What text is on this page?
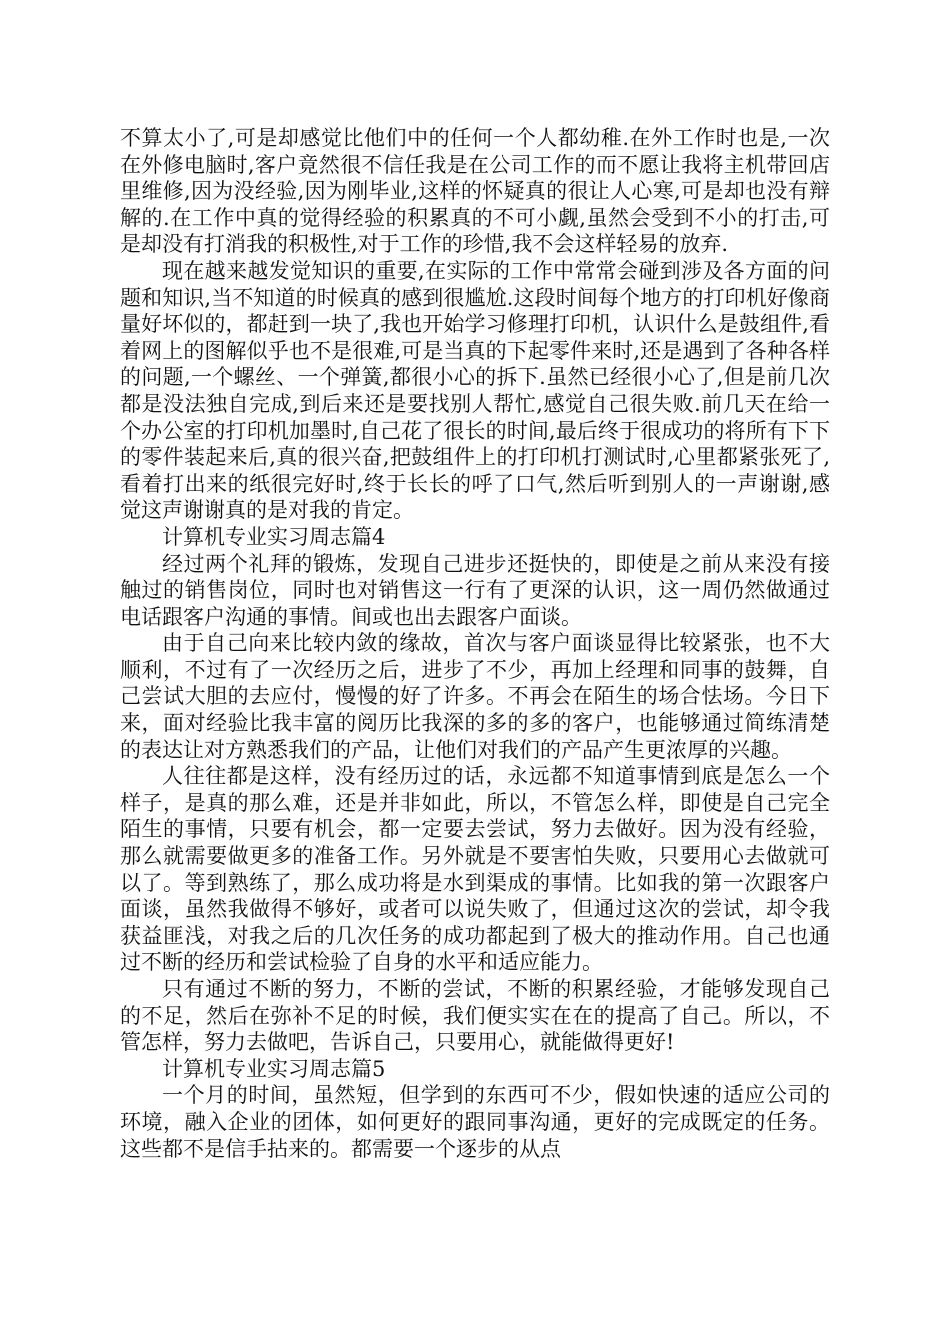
不算太小了,可是却感觉比他们中的任何一个人都幼稚.在外工作时也是,一次在外修电脑时,客户竟然很不信任我是在公司工作的而不愿让我将主机带回店里维修,因为没经验,因为刚毕业,这样的怀疑真的很让人心寒,可是却也没有辩解的.在工作中真的觉得经验的积累真的不可小觑,虽然会受到不小的打击,可是却没有打消我的积极性,对于工作的珍惜,我不会这样轻易的放弃.

现在越来越发觉知识的重要,在实际的工作中常常会碰到涉及各方面的问题和知识,当不知道的时候真的感到很尴尬.这段时间每个地方的打印机好像商量好坏似的，都赶到一块了,我也开始学习修理打印机，认识什么是鼓组件,看着网上的图解似乎也不是很难,可是当真的下起零件来时,还是遇到了各种各样的问题,一个螺丝、一个弹簧,都很小心的拆下.虽然已经很小心了,但是前几次都是没法独自完成,到后来还是要找别人帮忙,感觉自己很失败.前几天在给一个办公室的打印机加墨时,自己花了很长的时间,最后终于很成功的将所有下下的零件装起来后,真的很兴奋,把鼓组件上的打印机打测试时,心里都紧张死了,看着打出来的纸很完好时,终于长长的呼了口气,然后听到别人的一声谢谢,感觉这声谢谢真的是对我的肯定。

计算机专业实习周志篇4

经过两个礼拜的锻炼，发现自己进步还挺快的，即使是之前从来没有接触过的销售岗位，同时也对销售这一行有了更深的认识，这一周仍然做通过电话跟客户沟通的事情。间或也出去跟客户面谈。

由于自己向来比较内敛的缘故，首次与客户面谈显得比较紧张，也不大顺利，不过有了一次经历之后，进步了不少，再加上经理和同事的鼓舞，自己尝试大胆的去应付，慢慢的好了许多。不再会在陌生的场合怯场。今日下来，面对经验比我丰富的阅历比我深的多的多的客户，也能够通过简练清楚的表达让对方熟悉我们的产品，让他们对我们的产品产生更浓厚的兴趣。

人往往都是这样，没有经历过的话，永远都不知道事情到底是怎么一个样子，是真的那么难，还是并非如此，所以，不管怎么样，即使是自己完全陌生的事情，只要有机会，都一定要去尝试，努力去做好。因为没有经验，那么就需要做更多的准备工作。另外就是不要害怕失败，只要用心去做就可以了。等到熟练了，那么成功将是水到渠成的事情。比如我的第一次跟客户面谈，虽然我做得不够好，或者可以说失败了，但通过这次的尝试，却令我获益匪浅，对我之后的几次任务的成功都起到了极大的推动作用。自己也通过不断的经历和尝试检验了自身的水平和适应能力。

只有通过不断的努力，不断的尝试，不断的积累经验，才能够发现自己的不足，然后在弥补不足的时候，我们便实实在在的提高了自己。所以，不管怎样，努力去做吧，告诉自己，只要用心，就能做得更好!

计算机专业实习周志篇5

一个月的时间，虽然短，但学到的东西可不少，假如快速的适应公司的环境，融入企业的团体，如何更好的跟同事沟通，更好的完成既定的任务。这些都不是信手拈来的。都需要一个逐步的从点
